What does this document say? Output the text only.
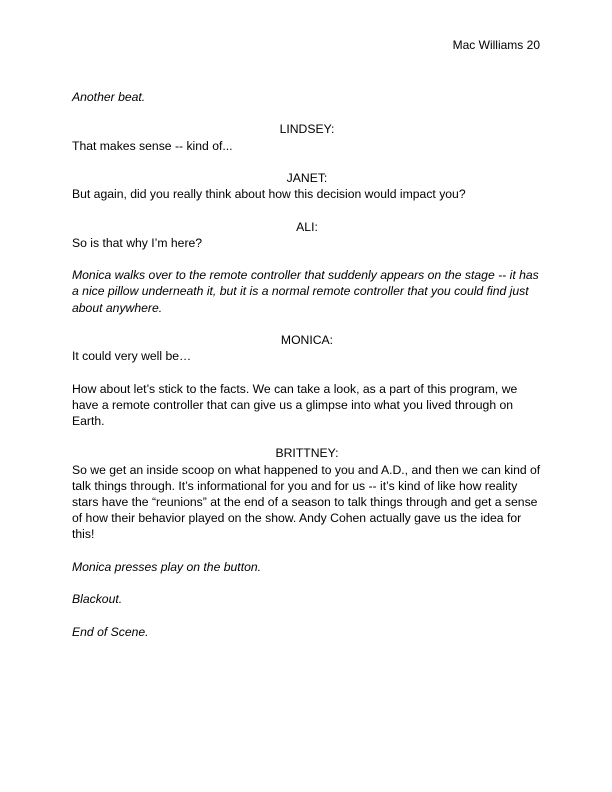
Mac Williams 20

Another beat.

LINDSEY:

That makes sense -- kind of...

JANET:

But again, did you really think about how this decision would impact you?

ALI:

So is that why I’m here?

Monica walks over to the remote controller that suddenly appears on the stage -- it has a nice pillow underneath it, but it is a normal remote controller that you could find just about anywhere.

MONICA:

It could very well be…

How about let’s stick to the facts. We can take a look, as a part of this program, we have a remote controller that can give us a glimpse into what you lived through on Earth.

BRITTNEY:

So we get an inside scoop on what happened to you and A.D., and then we can kind of talk things through. It’s informational for you and for us -- it’s kind of like how reality stars have the “reunions” at the end of a season to talk things through and get a sense of how their behavior played on the show. Andy Cohen actually gave us the idea for this!

Monica presses play on the button.

Blackout.

End of Scene.
